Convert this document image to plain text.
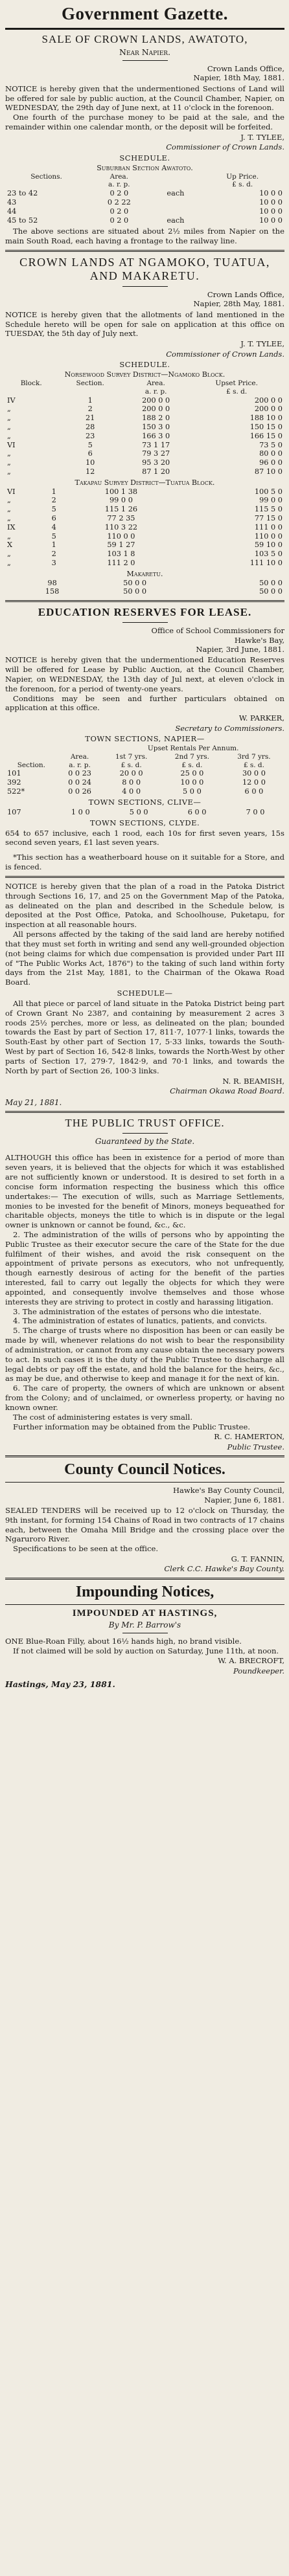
Government Gazette.
SALE OF CROWN LANDS, AWATOTO,
Near Napier.
Crown Lands Office,
Napier, 18th May, 1881.

NOTICE is hereby given that the undermentioned Sections of Land will be offered for sale by public auction, at the Council Chamber, Napier, on WEDNESDAY, the 29th day of June next, at 11 o'clock in the forenoon.

One fourth of the purchase money to be paid at the sale, and the remainder within one calendar month, or the deposit will be forfeited.

J. T. TYLEE,
Commissioner of Crown Lands.
SCHEDULE.
Suburban Section Awatoto.
Sections.	Area.		Up Price.
	a. r. p.		£ s. d.
23 to 42	0 2 0	each	10 0 0
43	0 2 22		10 0 0
44	0 2 0		10 0 0
45 to 52	0 2 0	each	10 0 0

The above sections are situated about 2½ miles from Napier on the main South Road, each having a frontage to the railway line.

CROWN LANDS AT NGAMOKO, TUATUA, AND MAKARETU.
Crown Lands Office,
Napier, 28th May, 1881.

NOTICE is hereby given that the allotments of land mentioned in the Schedule hereto will be open for sale on application at this office on TUESDAY, the 5th day of July next.

J. T. TYLEE,
Commissioner of Crown Lands.
SCHEDULE.
Norsewood Survey District—Ngamoko Block.
Block.	Section.	Area.	Upset Price.
		a. r. p.	£ s. d.
IV	1	200 0 0	200 0 0
„	2	200 0 0	200 0 0
„	21	188 2 0	188 10 0
„	28	150 3 0	150 15 0
„	23	166 3 0	166 15 0
VI	5	73 1 17	73 5 0
„	6	79 3 27	80 0 0
„	10	95 3 20	96 0 0
„	12	87 1 20	87 10 0
Takapau Survey District—Tuatua Block.
VI	1	100 1 38	100 5 0
„	2	99 0 0	99 0 0
„	5	115 1 26	115 5 0
„	6	77 2 35	77 15 0
IX	4	110 3 22	111 0 0
„	5	110 0 0	110 0 0
X	1	59 1 27	59 10 0
„	2	103 1 8	103 5 0
„	3	111 2 0	111 10 0
Makaretu.
	98	50 0 0	50 0 0
	158	50 0 0	50 0 0
EDUCATION RESERVES FOR LEASE.
Office of School Commissioners for
Hawke's Bay,
Napier, 3rd June, 1881.

NOTICE is hereby given that the undermentioned Education Reserves will be offered for Lease by Public Auction, at the Council Chamber, Napier, on WEDNESDAY, the 13th day of Jul next, at eleven o'clock in the forenoon, for a period of twenty-one years.

Conditions may be seen and further particulars obtained on application at this office.

W. PARKER,
Secretary to Commissioners.
TOWN SECTIONS, NAPIER—
		Upset Rentals Per Annum.		
	Area.	1st 7 yrs.	2nd 7 yrs.	3rd 7 yrs.
Section.	a. r. p.	£ s. d.	£ s. d.	£ s. d.
101	0 0 23	20 0 0	25 0 0	30 0 0
392	0 0 24	8 0 0	10 0 0	12 0 0
522*	0 0 26	4 0 0	5 0 0	6 0 0
TOWN SECTIONS, CLIVE—
107	1 0 0	5 0 0	6 0 0	7 0 0
TOWN SECTIONS, CLYDE.

654 to 657 inclusive, each 1 rood, each 10s for first seven years, 15s second seven years, £1 last seven years.

*This section has a weatherboard house on it suitable for a Store, and is fenced.

NOTICE is hereby given that the plan of a road in the Patoka District through Sections 16, 17, and 25 on the Government Map of the Patoka, as delineated on the plan and described in the Schedule below, is deposited at the Post Office, Patoka, and Schoolhouse, Puketapu, for inspection at all reasonable hours.

All persons affected by the taking of the said land are hereby notified that they must set forth in writing and send any well-grounded objection (not being claims for which due compensation is provided under Part III of "The Public Works Act, 1876") to the taking of such land within forty days from the 21st May, 1881, to the Chairman of the Okawa Road Board.

SCHEDULE—

All that piece or parcel of land situate in the Patoka District being part of Crown Grant No 2387, and containing by measurement 2 acres 3 roods 25½ perches, more or less, as delineated on the plan; bounded towards the East by part of Section 17, 811·7, 1077·1 links, towards the South-East by other part of Section 17, 5·33 links, towards the South-West by part of Section 16, 542·8 links, towards the North-West by other parts of Section 17, 279·7, 1842·9, and 70·1 links, and towards the North by part of Section 26, 100·3 links.

N. R. BEAMISH,
Chairman Okawa Road Board.
May 21, 1881.
THE PUBLIC TRUST OFFICE.
Guaranteed by the State.

ALTHOUGH this office has been in existence for a period of more than seven years, it is believed that the objects for which it was established are not sufficiently known or understood. It is desired to set forth in a concise form information respecting the business which this office undertakes:— The execution of wills, such as Marriage Settlements, monies to be invested for the benefit of Minors, moneys bequeathed for charitable objects, moneys the title to which is in dispute or the legal owner is unknown or cannot be found, &c., &c.

2. The administration of the wills of persons who by appointing the Public Trustee as their executor secure the care of the State for the due fulfilment of their wishes, and avoid the risk consequent on the appointment of private persons as executors, who not unfrequently, though earnestly desirous of acting for the benefit of the parties interested, fail to carry out legally the objects for which they were appointed, and consequently involve themselves and those whose interests they are striving to protect in costly and harassing litigation.

3. The administration of the estates of persons who die intestate.

4. The administration of estates of lunatics, patients, and convicts.

5. The charge of trusts where no disposition has been or can easily be made by will, whenever relations do not wish to bear the responsibility of administration, or cannot from any cause obtain the necessary powers to act. In such cases it is the duty of the Public Trustee to discharge all legal debts or pay off the estate, and hold the balance for the heirs, &c., as may be due, and otherwise to keep and manage it for the next of kin.

6. The care of property, the owners of which are unknown or absent from the Colony; and of unclaimed, or ownerless property, or having no known owner.

The cost of administering estates is very small.

Further information may be obtained from the Public Trustee.

R. C. HAMERTON,
Public Trustee.
County Council Notices.
Hawke's Bay County Council,
Napier, June 6, 1881.

SEALED TENDERS will be received up to 12 o'clock on Thursday, the 9th instant, for forming 154 Chains of Road in two contracts of 17 chains each, between the Omaha Mill Bridge and the crossing place over the Ngaruroro River.

Specifications to be seen at the office.

G. T. FANNIN,
Clerk C.C. Hawke's Bay County.
Impounding Notices,
IMPOUNDED AT HASTINGS,
By Mr. P. Barrow's

ONE Blue-Roan Filly, about 16½ hands high, no brand visible.

If not claimed will be sold by auction on Saturday, June 11th, at noon.

W. A. BRECROFT,
Poundkeeper.
Hastings, May 23, 1881.
